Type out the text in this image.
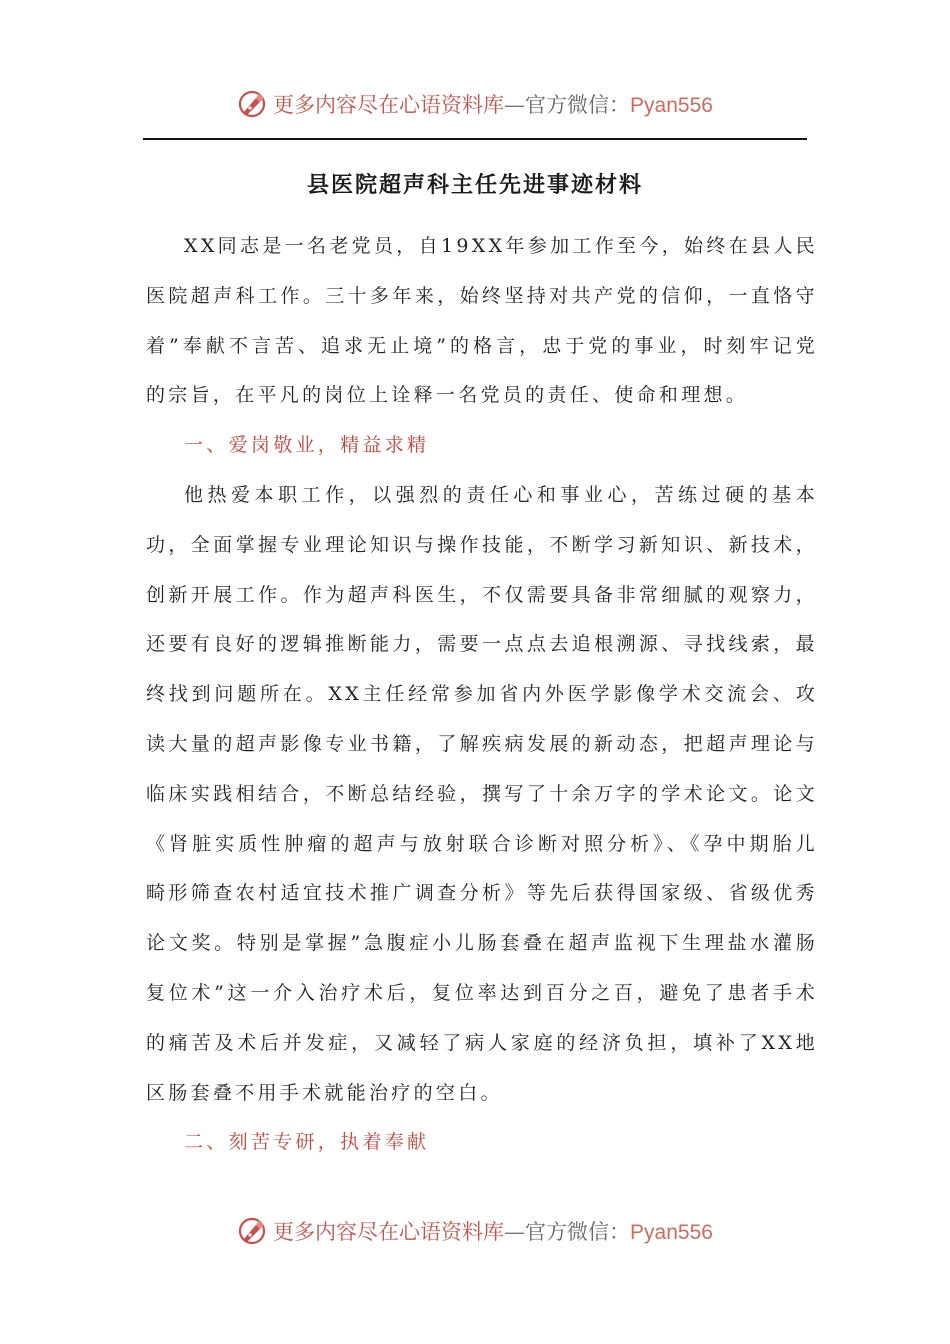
更多内容尽在心语资料库—官方微信：Pyan556
县医院超声科主任先进事迹材料

XX同志是一名老党员，自19XX年参加工作至今，始终在县人民医院超声科工作。三十多年来，始终坚持对共产党的信仰，一直恪守着”奉献不言苦、追求无止境”的格言，忠于党的事业，时刻牢记党的宗旨，在平凡的岗位上诠释一名党员的责任、使命和理想。

一、爱岗敬业，精益求精

他热爱本职工作，以强烈的责任心和事业心，苦练过硬的基本功，全面掌握专业理论知识与操作技能，不断学习新知识、新技术，创新开展工作。作为超声科医生，不仅需要具备非常细腻的观察力，还要有良好的逻辑推断能力，需要一点点去追根溯源、寻找线索，最终找到问题所在。XX主任经常参加省内外医学影像学术交流会、攻读大量的超声影像专业书籍，了解疾病发展的新动态，把超声理论与临床实践相结合，不断总结经验，撰写了十余万字的学术论文。论文《肾脏实质性肿瘤的超声与放射联合诊断对照分析》、《孕中期胎儿畸形筛查农村适宜技术推广调查分析》等先后获得国家级、省级优秀论文奖。特别是掌握”急腹症小儿肠套叠在超声监视下生理盐水灌肠复位术”这一介入治疗术后，复位率达到百分之百，避免了患者手术的痛苦及术后并发症，又减轻了病人家庭的经济负担，填补了XX地区肠套叠不用手术就能治疗的空白。

二、刻苦专研，执着奉献

更多内容尽在心语资料库—官方微信：Pyan556
